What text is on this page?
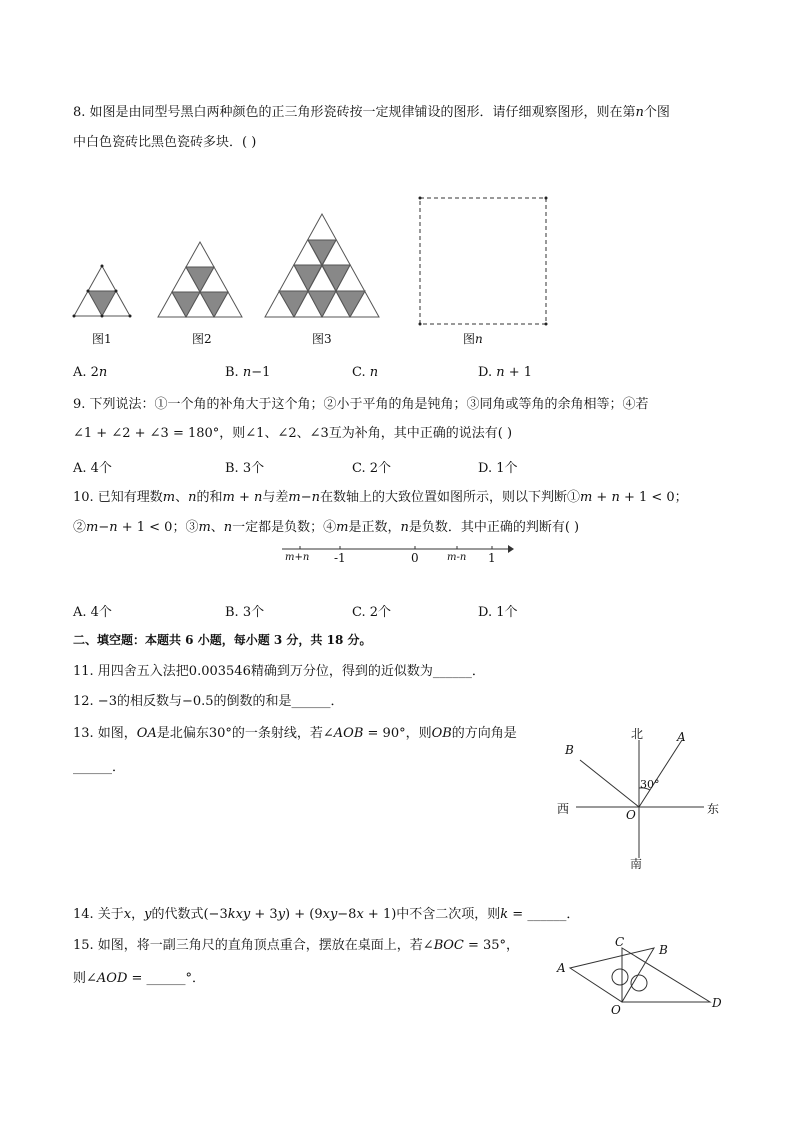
8. 如图是由同型号黑白两种颜色的正三角形瓷砖按一定规律铺设的图形．请仔细观察图形，则在第𝑛个图
中白色瓷砖比黑色瓷砖多块．( )
图1	图2	图3	图𝑛
A. 2𝑛	B. 𝑛−1	C. 𝑛	D. 𝑛 + 1
9. 下列说法：①一个角的补角大于这个角；②小于平角的角是钝角；③同角或等角的余角相等；④若
∠1 + ∠2 + ∠3 = 180°，则∠1、∠2、∠3互为补角，其中正确的说法有( )
A. 4个	B. 3个	C. 2个	D. 1个
10. 已知有理数𝑚、𝑛的和𝑚 + 𝑛与差𝑚−𝑛在数轴上的大致位置如图所示，则以下判断①𝑚 + 𝑛 + 1 < 0；
②𝑚−𝑛 + 1 < 0；③𝑚、𝑛一定都是负数；④𝑚是正数，𝑛是负数．其中正确的判断有( )
m+n -1	0	m-n 1
A. 4个	B. 3个	C. 2个	D. 1个
二、填空题：本题共 6 小题，每小题 3 分，共 18 分。
11. 用四舍五入法把0.003546精确到万分位，得到的近似数为______．
12. −3的相反数与−0.5的倒数的和是______．
13. 如图，𝑂𝐴是北偏东30°的一条射线，若∠𝐴𝑂𝐵 = 90°，则𝑂𝐵的方向角是
______．
北
南
西	东
A
B
O
30°
14. 关于𝑥，𝑦的代数式(−3𝑘𝑥𝑦 + 3𝑦) + (9𝑥𝑦−8𝑥 + 1)中不含二次项，则𝑘 = ______．
15. 如图，将一副三角尺的直角顶点重合，摆放在桌面上，若∠𝐵𝑂𝐶 = 35°，
则∠𝐴𝑂𝐷 = ______°．
A
B
C
D
O
